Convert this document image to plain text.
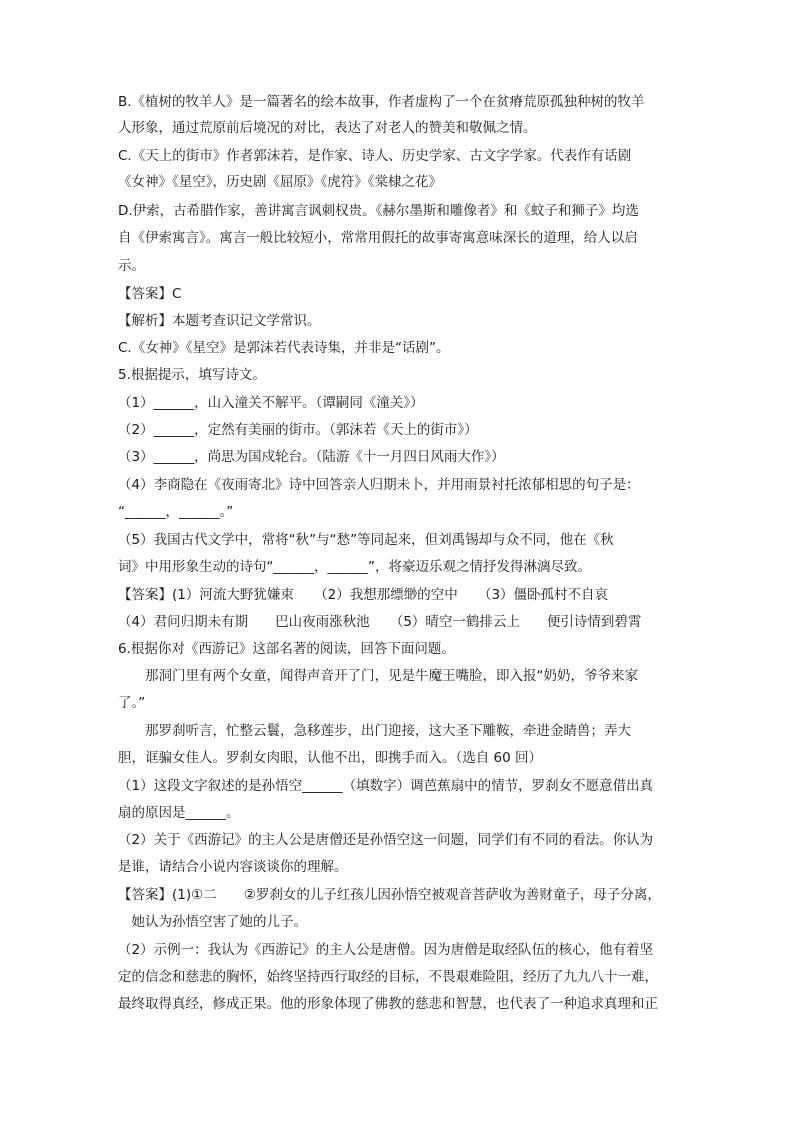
B.《植树的牧羊人》是一篇著名的绘本故事，作者虚构了一个在贫瘠荒原孤独种树的牧羊
人形象，通过荒原前后境况的对比，表达了对老人的赞美和敬佩之情。
C.《天上的街市》作者郭沫若，是作家、诗人、历史学家、古文字学家。代表作有话剧
《女神》《星空》，历史剧《屈原》《虎符》《棠棣之花》
D.伊索，古希腊作家，善讲寓言讽刺权贵。《赫尔墨斯和雕像者》和《蚊子和狮子》均选
自《伊索寓言》。寓言一般比较短小，常常用假托的故事寄寓意味深长的道理，给人以启
示。
【答案】C
【解析】本题考查识记文学常识。
C.《女神》《星空》是郭沫若代表诗集，并非是“话剧”。
5.根据提示，填写诗文。
（1）______，山入潼关不解平。（谭嗣同《潼关》）
（2）______，定然有美丽的街市。（郭沫若《天上的街市》）
（3）______，尚思为国戍轮台。（陆游《十一月四日风雨大作》）
（4）李商隐在《夜雨寄北》诗中回答亲人归期未卜，并用雨景衬托浓郁相思的句子是：
“______，______。”
（5）我国古代文学中，常将“秋”与“愁”等同起来，但刘禹锡却与众不同，他在《秋
词》中用形象生动的诗句“______，______”，将豪迈乐观之情抒发得淋漓尽致。
【答案】(1）河流大野犹嫌束　　（2）我想那缥缈的空中　　（3）僵卧孤村不自哀
（4）君问归期未有期　　巴山夜雨涨秋池　　（5）晴空一鹤排云上　　便引诗情到碧霄
6.根据你对《西游记》这部名著的阅读，回答下面问题。
　　那洞门里有两个女童，闻得声音开了门，见是牛魔王嘴脸，即入报“奶奶，爷爷来家
了。”
　　那罗刹听言，忙整云鬟，急移莲步，出门迎接，这大圣下雕鞍，牵进金睛兽；弄大
胆，诓骗女佳人。罗刹女肉眼，认他不出，即携手而入。（选自 60 回）
（1）这段文字叙述的是孙悟空______（填数字）调芭蕉扇中的情节，罗刹女不愿意借出真
扇的原因是______。
（2）关于《西游记》的主人公是唐僧还是孙悟空这一问题，同学们有不同的看法。你认为
是谁，请结合小说内容谈谈你的理解。
【答案】(1)①二　　②罗刹女的儿子红孩儿因孙悟空被观音菩萨收为善财童子，母子分离，
　她认为孙悟空害了她的儿子。
（2）示例一：我认为《西游记》的主人公是唐僧。因为唐僧是取经队伍的核心，他有着坚
定的信念和慈悲的胸怀，始终坚持西行取经的目标，不畏艰难险阻，经历了九九八十一难，
最终取得真经，修成正果。他的形象体现了佛教的慈悲和智慧，也代表了一种追求真理和正
